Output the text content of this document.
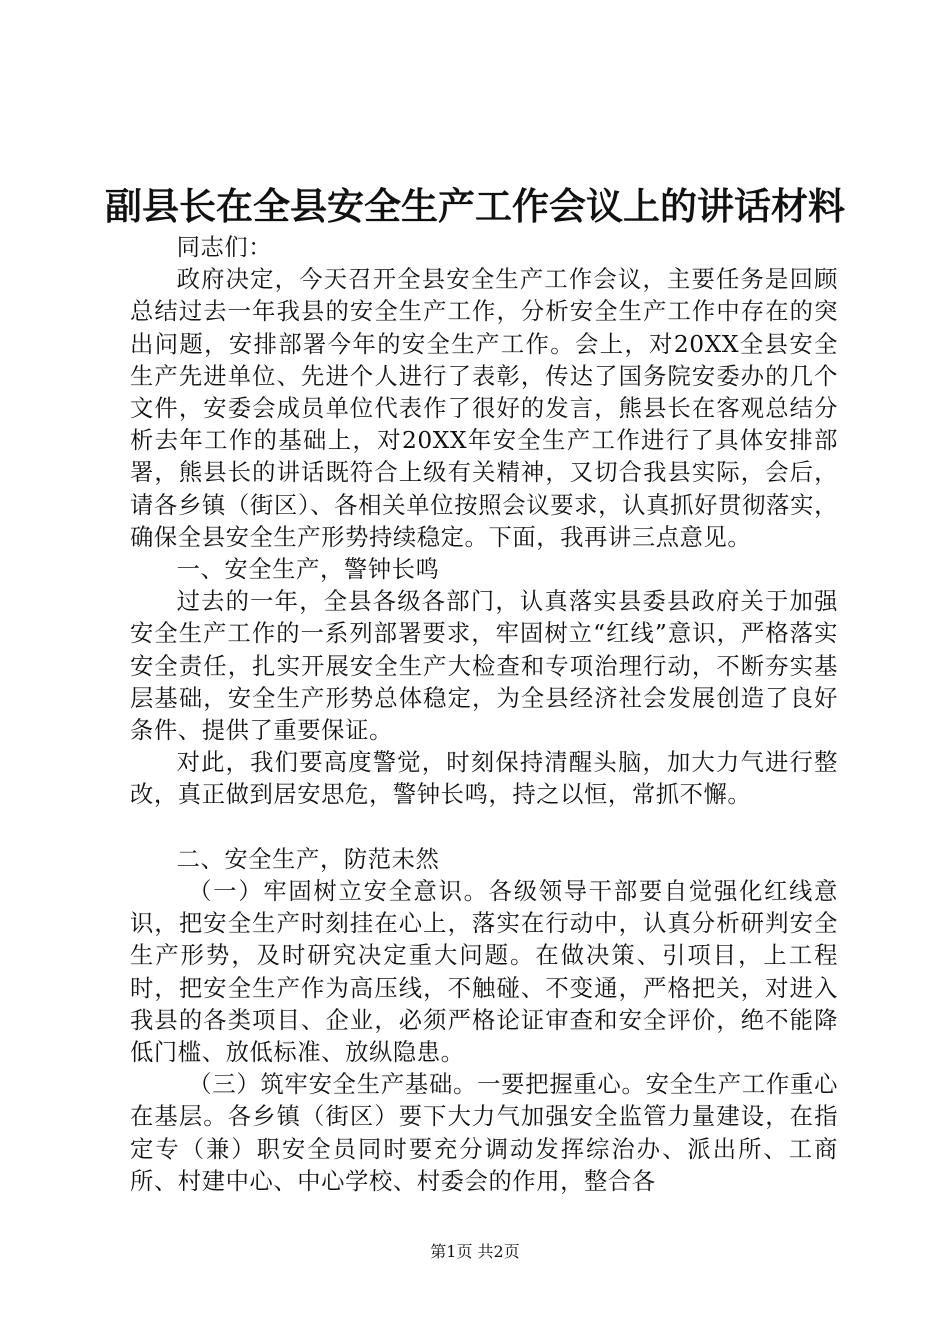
副县长在全县安全生产工作会议上的讲话材料

同志们：

政府决定，今天召开全县安全生产工作会议，主要任务是回顾总结过去一年我县的安全生产工作，分析安全生产工作中存在的突出问题，安排部署今年的安全生产工作。会上，对20XX全县安全生产先进单位、先进个人进行了表彰，传达了国务院安委办的几个文件，安委会成员单位代表作了很好的发言，熊县长在客观总结分析去年工作的基础上，对20XX年安全生产工作进行了具体安排部署，熊县长的讲话既符合上级有关精神，又切合我县实际，会后，请各乡镇（街区）、各相关单位按照会议要求，认真抓好贯彻落实，确保全县安全生产形势持续稳定。下面，我再讲三点意见。

一、安全生产，警钟长鸣

过去的一年，全县各级各部门，认真落实县委县政府关于加强安全生产工作的一系列部署要求，牢固树立“红线”意识，严格落实安全责任，扎实开展安全生产大检查和专项治理行动，不断夯实基层基础，安全生产形势总体稳定，为全县经济社会发展创造了良好条件、提供了重要保证。

对此，我们要高度警觉，时刻保持清醒头脑，加大力气进行整改，真正做到居安思危，警钟长鸣，持之以恒，常抓不懈。

二、安全生产，防范未然

（一）牢固树立安全意识。各级领导干部要自觉强化红线意识，把安全生产时刻挂在心上，落实在行动中，认真分析研判安全生产形势，及时研究决定重大问题。在做决策、引项目，上工程时，把安全生产作为高压线，不触碰、不变通，严格把关，对进入我县的各类项目、企业，必须严格论证审查和安全评价，绝不能降低门槛、放低标准、放纵隐患。

（三）筑牢安全生产基础。一要把握重心。安全生产工作重心在基层。各乡镇（街区）要下大力气加强安全监管力量建设，在指定专（兼）职安全员同时要充分调动发挥综治办、派出所、工商所、村建中心、中心学校、村委会的作用，整合各

第1页 共2页
